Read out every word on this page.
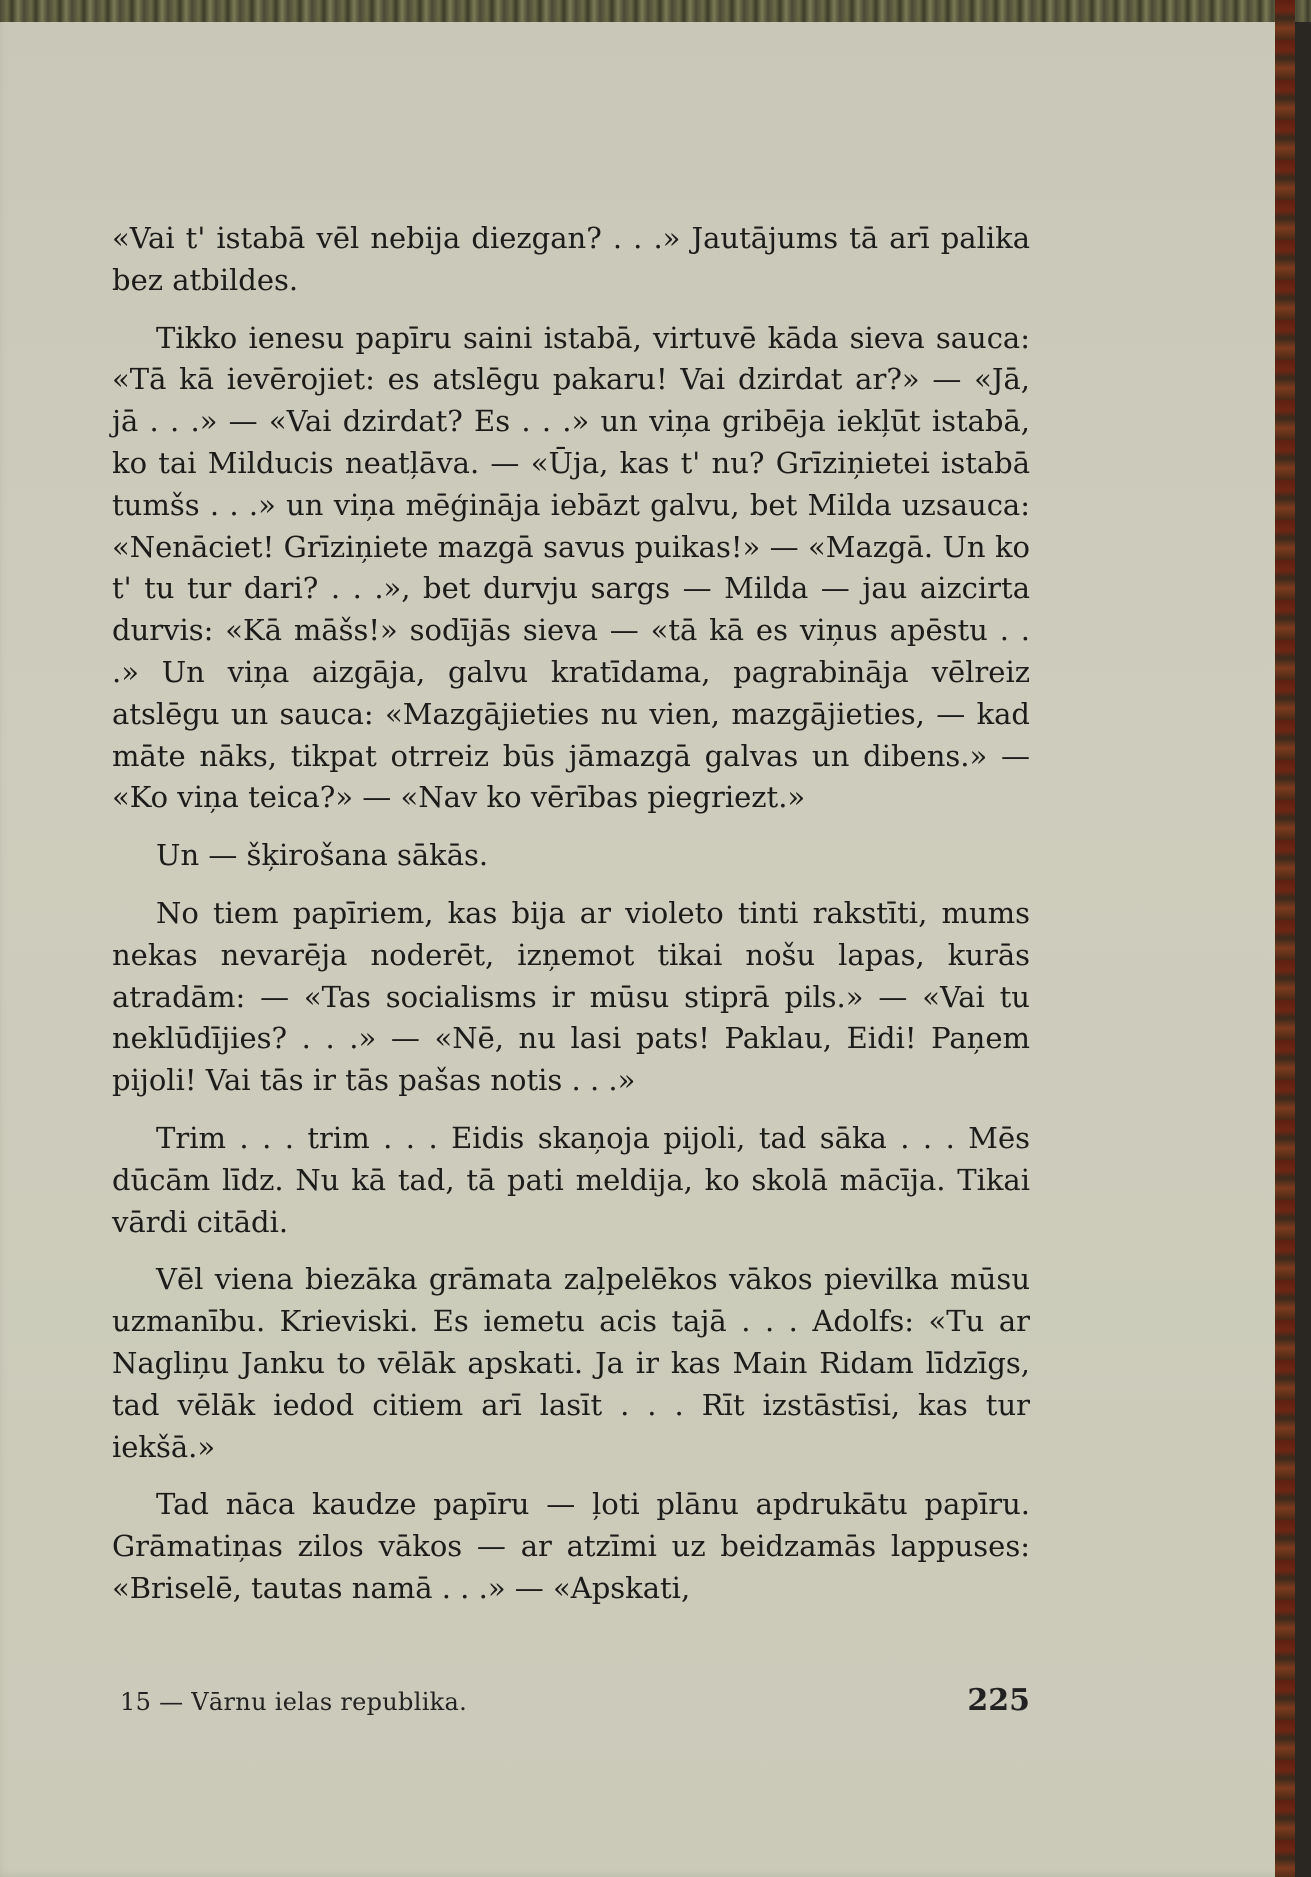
«Vai t' istabā vēl nebija diezgan? . . .» Jautājums tā arī palika bez atbildes.

Tikko ienesu papīru saini istabā, virtuvē kāda sieva sauca: «Tā kā ievērojiet: es atslēgu pakaru! Vai dzirdat ar?» — «Jā, jā . . .» — «Vai dzirdat? Es . . .» un viņa gribēja iekļūt istabā, ko tai Milducis neatļāva. — «Ūja, kas t' nu? Grīziņietei istabā tumšs . . .» un viņa mēģināja iebāzt galvu, bet Milda uzsauca: «Nenāciet! Grīziņiete mazgā savus puikas!» — «Mazgā. Un ko t' tu tur dari? . . .», bet durvju sargs — Milda — jau aizcirta durvis: «Kā māšs!» sodījās sieva — «tā kā es viņus apēstu . . .» Un viņa aizgāja, galvu kratīdama, pagrabināja vēlreiz atslēgu un sauca: «Mazgājieties nu vien, mazgājieties, — kad māte nāks, tikpat otrreiz būs jāmazgā galvas un dibens.» — «Ko viņa teica?» — «Nav ko vērības piegriezt.»

Un — šķirošana sākās.

No tiem papīriem, kas bija ar violeto tinti rakstīti, mums nekas nevarēja noderēt, izņemot tikai nošu lapas, kurās atradām: — «Tas socialisms ir mūsu stiprā pils.» — «Vai tu neklūdījies? . . .» — «Nē, nu lasi pats! Paklau, Eidi! Paņem pijoli! Vai tās ir tās pašas notis . . .»

Trim . . . trim . . . Eidis skaņoja pijoli, tad sāka . . . Mēs dūcām līdz. Nu kā tad, tā pati meldija, ko skolā mācīja. Tikai vārdi citādi.

Vēl viena biezāka grāmata zaļpelēkos vākos pievilka mūsu uzmanību. Krieviski. Es iemetu acis tajā . . . Adolfs: «Tu ar Nagliņu Janku to vēlāk apskati. Ja ir kas Main Ridam līdzīgs, tad vēlāk iedod citiem arī lasīt . . . Rīt izstāstīsi, kas tur iekšā.»

Tad nāca kaudze papīru — ļoti plānu apdrukātu papīru. Grāmatiņas zilos vākos — ar atzīmi uz beidzamās lappuses: «Briselē, tautas namā . . .» — «Apskati,

15 — Vārnu ielas republika.	225
